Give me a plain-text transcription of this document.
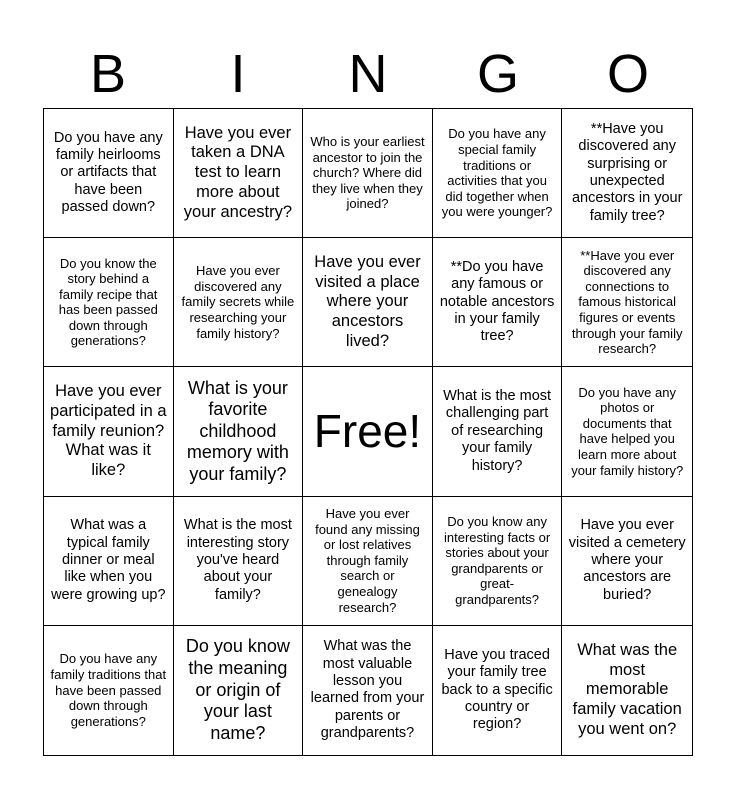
B	I	N	G	O
Do you have any family heirlooms or artifacts that have been passed down?
Have you ever taken a DNA test to learn more about your ancestry?
Who is your earliest ancestor to join the church? Where did they live when they joined?
Do you have any special family traditions or activities that you did together when you were younger?
**Have you discovered any surprising or unexpected ancestors in your family tree?
Do you know the story behind a family recipe that has been passed down through generations?
Have you ever discovered any family secrets while researching your family history?
Have you ever visited a place where your ancestors lived?
**Do you have any famous or notable ancestors in your family tree?
**Have you ever discovered any connections to famous historical figures or events through your family research?
Have you ever participated in a family reunion? What was it like?
What is your favorite childhood memory with your family?
Free!
What is the most challenging part of researching your family history?
Do you have any photos or documents that have helped you learn more about your family history?
What was a typical family dinner or meal like when you were growing up?
What is the most interesting story you've heard about your family?
Have you ever found any missing or lost relatives through family search or genealogy research?
Do you know any interesting facts or stories about your grandparents or great-grandparents?
Have you ever visited a cemetery where your ancestors are buried?
Do you have any family traditions that have been passed down through generations?
Do you know the meaning or origin of your last name?
What was the most valuable lesson you learned from your parents or grandparents?
Have you traced your family tree back to a specific country or region?
What was the most memorable family vacation you went on?
